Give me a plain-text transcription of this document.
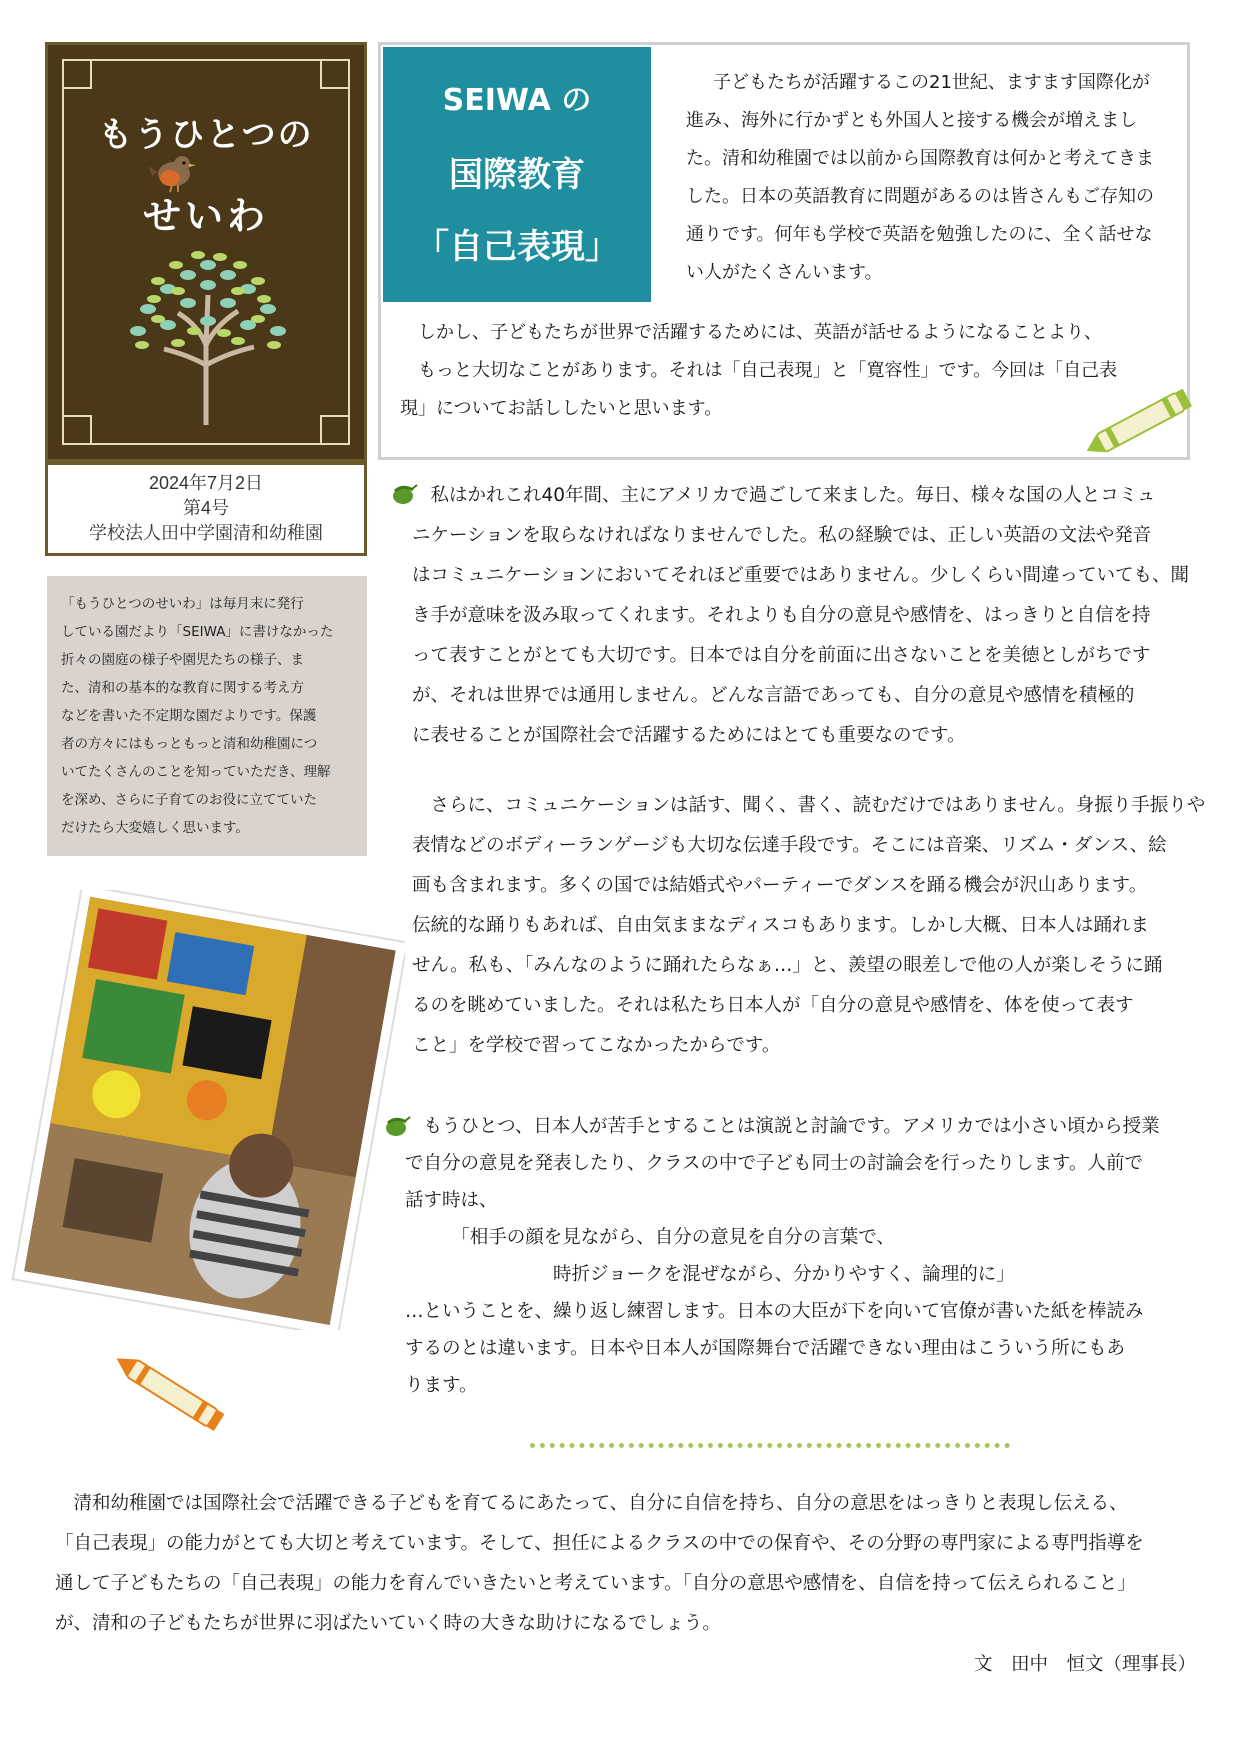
もうひとつの
せいわ
2024年7月2日
第4号
学校法人田中学園清和幼稚園
「もうひとつのせいわ」は毎月末に発行
している園だより「SEIWA」に書けなかった
折々の園庭の様子や園児たちの様子、ま
た、清和の基本的な教育に関する考え方
などを書いた不定期な園だよりです。保護
者の方々にはもっともっと清和幼稚園につ
いてたくさんのことを知っていただき、理解
を深め、さらに子育てのお役に立てていた
だけたら大変嬉しく思います。
SEIWA の
国際教育
「自己表現」
子どもたちが活躍するこの21世紀、ますます国際化が進み、海外に行かずとも外国人と接する機会が増えました。清和幼稚園では以前から国際教育は何かと考えてきました。日本の英語教育に問題があるのは皆さんもご存知の通りです。何年も学校で英語を勉強したのに、全く話せない人がたくさんいます。
　しかし、子どもたちが世界で活躍するためには、英語が話せるようになることより、
　もっと大切なことがあります。それは「自己表現」と「寛容性」です。今回は「自己表
現」についてお話ししたいと思います。
　私はかれこれ40年間、主にアメリカで過ごして来ました。毎日、様々な国の人とコミュ
ニケーションを取らなければなりませんでした。私の経験では、正しい英語の文法や発音
はコミュニケーションにおいてそれほど重要ではありません。少しくらい間違っていても、聞
き手が意味を汲み取ってくれます。それよりも自分の意見や感情を、はっきりと自信を持
って表すことがとても大切です。日本では自分を前面に出さないことを美徳としがちです
が、それは世界では通用しません。どんな言語であっても、自分の意見や感情を積極的
に表せることが国際社会で活躍するためにはとても重要なのです。
　さらに、コミュニケーションは話す、聞く、書く、読むだけではありません。身振り手振りや
表情などのボディーランゲージも大切な伝達手段です。そこには音楽、リズム・ダンス、絵
画も含まれます。多くの国では結婚式やパーティーでダンスを踊る機会が沢山あります。
伝統的な踊りもあれば、自由気ままなディスコもあります。しかし大概、日本人は踊れま
せん。私も、「みんなのように踊れたらなぁ…」と、羨望の眼差しで他の人が楽しそうに踊
るのを眺めていました。それは私たち日本人が「自分の意見や感情を、体を使って表す
こと」を学校で習ってこなかったからです。
　もうひとつ、日本人が苦手とすることは演説と討論です。アメリカでは小さい頃から授業
で自分の意見を発表したり、クラスの中で子ども同士の討論会を行ったりします。人前で
話す時は、
　　　「相手の顔を見ながら、自分の意見を自分の言葉で、
　　　　　　　　時折ジョークを混ぜながら、分かりやすく、論理的に」
…ということを、繰り返し練習します。日本の大臣が下を向いて官僚が書いた紙を棒読み
するのとは違います。日本や日本人が国際舞台で活躍できない理由はこういう所にもあ
ります。
　清和幼稚園では国際社会で活躍できる子どもを育てるにあたって、自分に自信を持ち、自分の意思をはっきりと表現し伝える、
「自己表現」の能力がとても大切と考えています。そして、担任によるクラスの中での保育や、その分野の専門家による専門指導を
通して子どもたちの「自己表現」の能力を育んでいきたいと考えています。「自分の意思や感情を、自信を持って伝えられること」
が、清和の子どもたちが世界に羽ばたいていく時の大きな助けになるでしょう。
文　田中　恒文（理事長）
